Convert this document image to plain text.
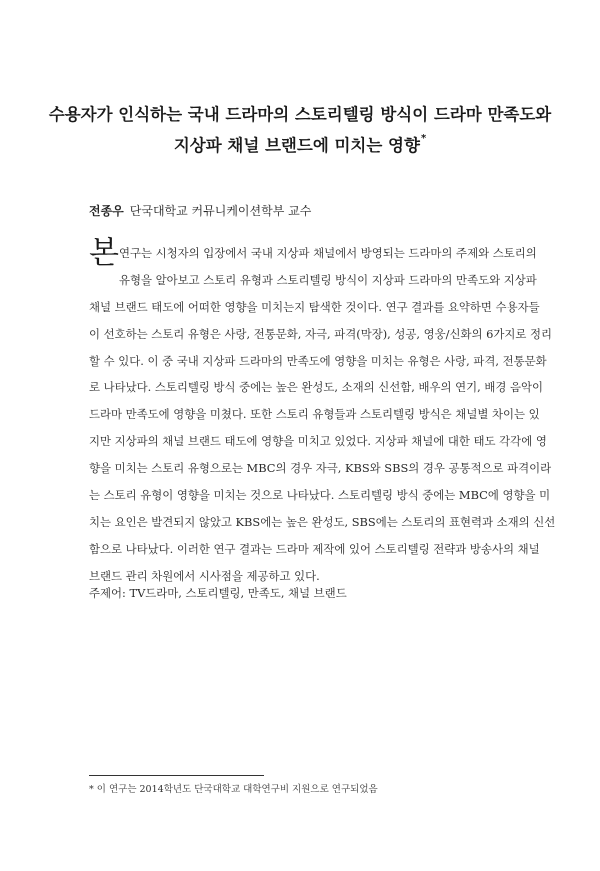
수용자가 인식하는 국내 드라마의 스토리텔링 방식이 드라마 만족도와
지상파 채널 브랜드에 미치는 영향*
전종우 단국대학교 커뮤니케이션학부 교수
본 연구는 시청자의 입장에서 국내 지상파 채널에서 방영되는 드라마의 주제와 스토리의
유형을 알아보고 스토리 유형과 스토리텔링 방식이 지상파 드라마의 만족도와 지상파
채널 브랜드 태도에 어떠한 영향을 미치는지 탐색한 것이다. 연구 결과를 요약하면 수용자들
이 선호하는 스토리 유형은 사랑, 전통문화, 자극, 파격(막장), 성공, 영웅/신화의 6가지로 정리
할 수 있다. 이 중 국내 지상파 드라마의 만족도에 영향을 미치는 유형은 사랑, 파격, 전통문화
로 나타났다. 스토리텔링 방식 중에는 높은 완성도, 소재의 신선함, 배우의 연기, 배경 음악이
드라마 만족도에 영향을 미쳤다. 또한 스토리 유형들과 스토리텔링 방식은 채널별 차이는 있
지만 지상파의 채널 브랜드 태도에 영향을 미치고 있었다. 지상파 채널에 대한 태도 각각에 영
향을 미치는 스토리 유형으로는 MBC의 경우 자극, KBS와 SBS의 경우 공통적으로 파격이라
는 스토리 유형이 영향을 미치는 것으로 나타났다. 스토리텔링 방식 중에는 MBC에 영향을 미
치는 요인은 발견되지 않았고 KBS에는 높은 완성도, SBS에는 스토리의 표현력과 소재의 신선
함으로 나타났다. 이러한 연구 결과는 드라마 제작에 있어 스토리텔링 전략과 방송사의 채널
브랜드 관리 차원에서 시사점을 제공하고 있다.
주제어: TV드라마, 스토리텔링, 만족도, 채널 브랜드
* 이 연구는 2014학년도 단국대학교 대학연구비 지원으로 연구되었음
